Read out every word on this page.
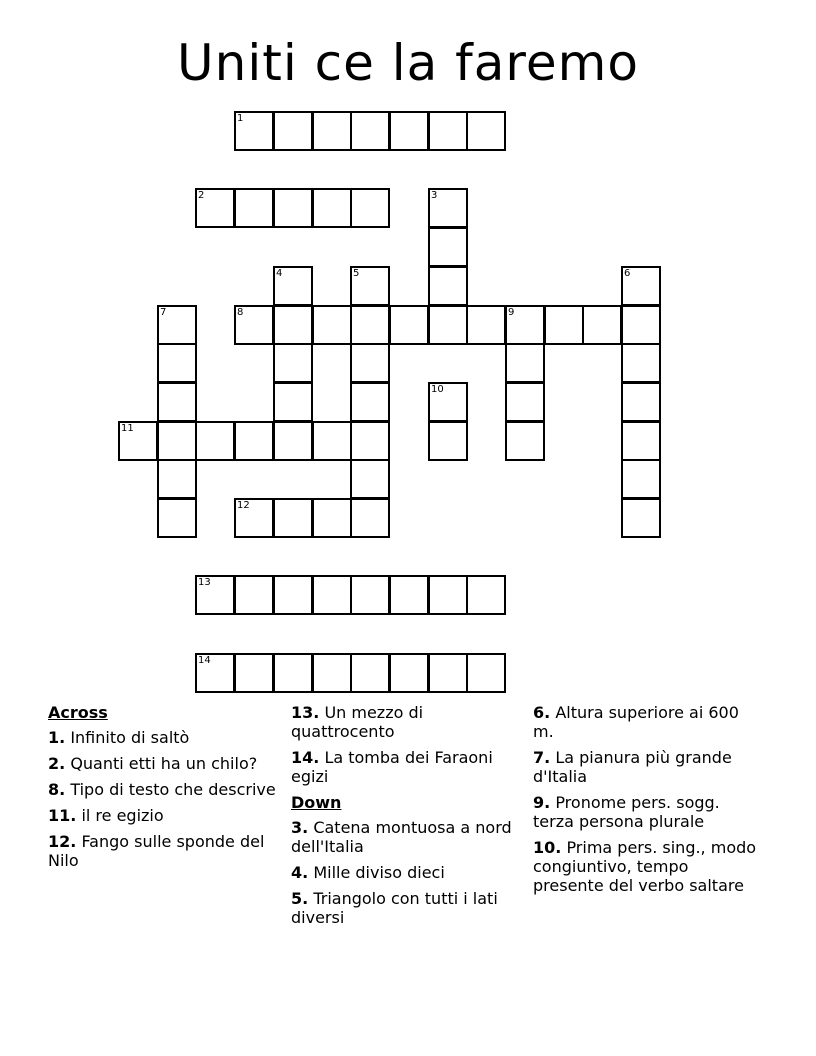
Uniti ce la faremo
1
2	3
4	5	6
7	8	9
10
11
12
13
14
Across
1. Infinito di saltò
2. Quanti etti ha un chilo?
8. Tipo di testo che descrive
11. il re egizio
12. Fango sulle sponde del Nilo
13. Un mezzo di quattrocento
14. La tomba dei Faraoni egizi
Down
3. Catena montuosa a nord dell'Italia
4. Mille diviso dieci
5. Triangolo con tutti i lati diversi
6. Altura superiore ai 600 m.
7. La pianura più grande d'Italia
9. Pronome pers. sogg. terza persona plurale
10. Prima pers. sing., modo congiuntivo, tempo presente del verbo saltare
